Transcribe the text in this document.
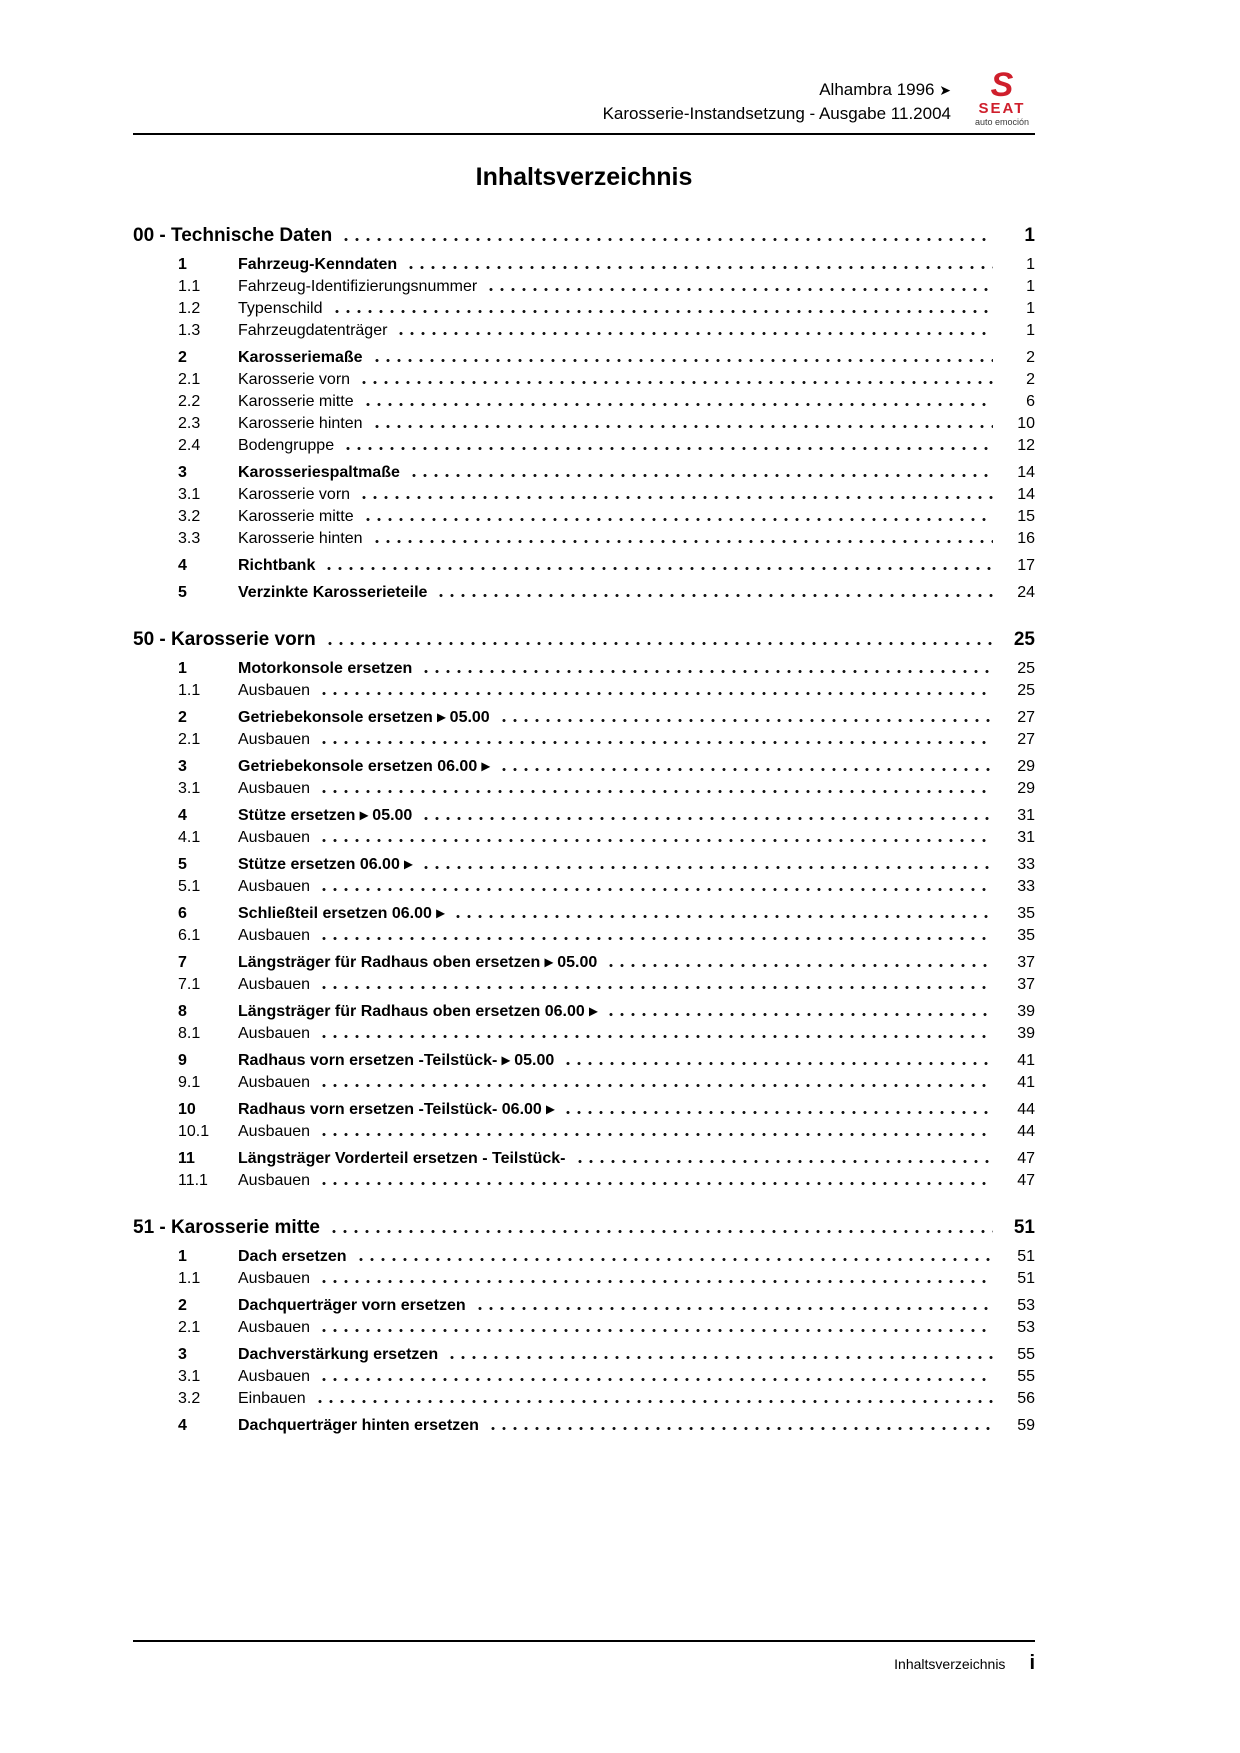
Alhambra 1996 ➤
Karosserie-Instandsetzung - Ausgabe 11.2004
S
SEAT
auto emoción
Inhaltsverzeichnis
00 - Technische Daten	1
1	Fahrzeug-Kenndaten	1
1.1	Fahrzeug-Identifizierungsnummer	1
1.2	Typenschild	1
1.3	Fahrzeugdatenträger	1
2	Karosseriemaße	2
2.1	Karosserie vorn	2
2.2	Karosserie mitte	6
2.3	Karosserie hinten	10
2.4	Bodengruppe	12
3	Karosseriespaltmaße	14
3.1	Karosserie vorn	14
3.2	Karosserie mitte	15
3.3	Karosserie hinten	16
4	Richtbank	17
5	Verzinkte Karosserieteile	24
50 - Karosserie vorn	25
1	Motorkonsole ersetzen	25
1.1	Ausbauen	25
2	Getriebekonsole ersetzen ▸ 05.00	27
2.1	Ausbauen	27
3	Getriebekonsole ersetzen 06.00 ▸	29
3.1	Ausbauen	29
4	Stütze ersetzen ▸ 05.00	31
4.1	Ausbauen	31
5	Stütze ersetzen 06.00 ▸	33
5.1	Ausbauen	33
6	Schließteil ersetzen 06.00 ▸	35
6.1	Ausbauen	35
7	Längsträger für Radhaus oben ersetzen ▸ 05.00	37
7.1	Ausbauen	37
8	Längsträger für Radhaus oben ersetzen 06.00 ▸	39
8.1	Ausbauen	39
9	Radhaus vorn ersetzen -Teilstück- ▸ 05.00	41
9.1	Ausbauen	41
10	Radhaus vorn ersetzen -Teilstück- 06.00 ▸	44
10.1	Ausbauen	44
11	Längsträger Vorderteil ersetzen - Teilstück-	47
11.1	Ausbauen	47
51 - Karosserie mitte	51
1	Dach ersetzen	51
1.1	Ausbauen	51
2	Dachquerträger vorn ersetzen	53
2.1	Ausbauen	53
3	Dachverstärkung ersetzen	55
3.1	Ausbauen	55
3.2	Einbauen	56
4	Dachquerträger hinten ersetzen	59
Inhaltsverzeichnis i
